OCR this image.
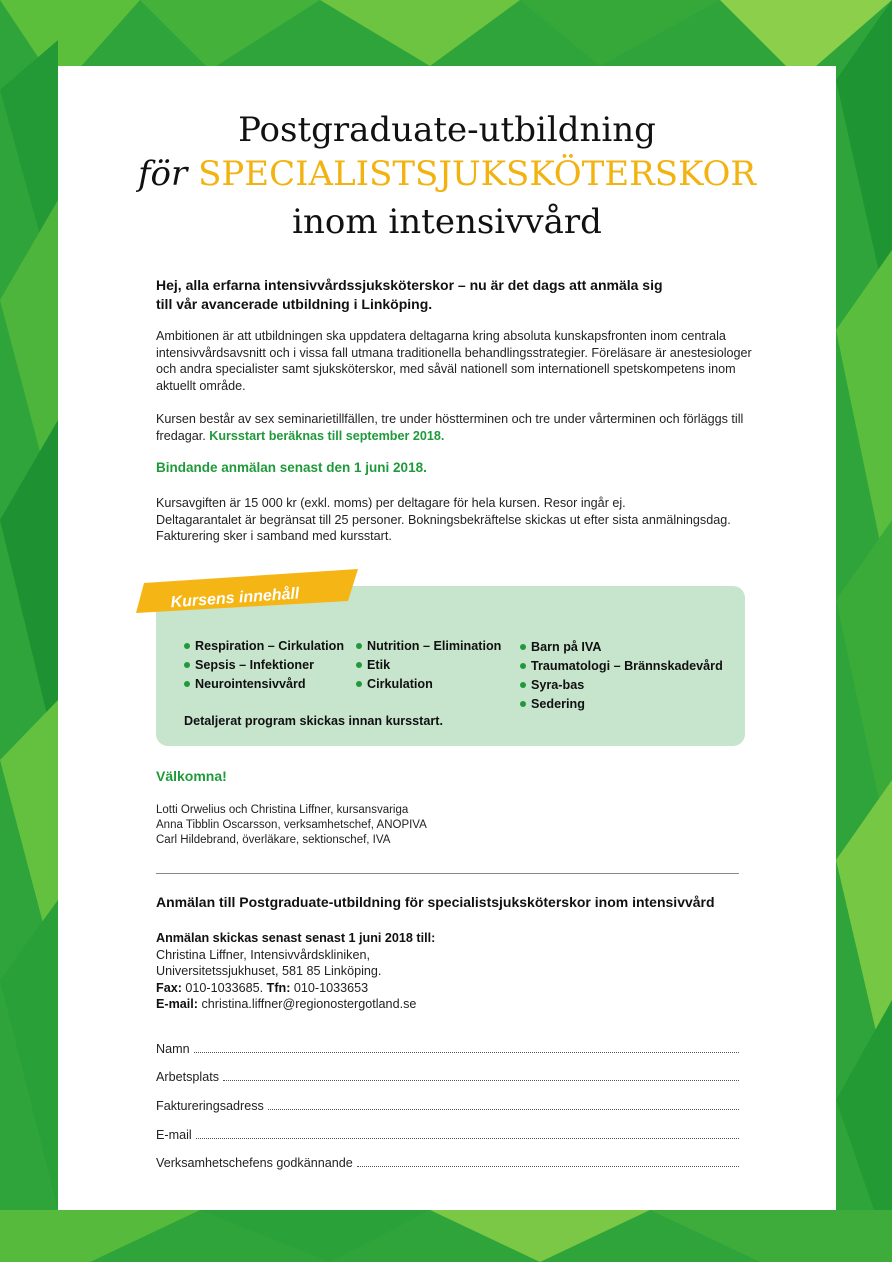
Postgraduate-utbildning
för SPECIALISTSJUKSKÖTERSKOR
inom intensivvård
Hej, alla erfarna intensivvårdssjuksköterskor – nu är det dags att anmäla sig
till vår avancerade utbildning i Linköping.
Ambitionen är att utbildningen ska uppdatera deltagarna kring absoluta kunskapsfronten inom centrala intensivvårdsavsnitt och i vissa fall utmana traditionella behandlingsstrategier. Föreläsare är anestesiologer och andra specialister samt sjuksköterskor, med såväl nationell som internationell spetskompetens inom aktuellt område.
Kursen består av sex seminarietillfällen, tre under höstterminen och tre under vårterminen och förläggs till fredagar. Kursstart beräknas till september 2018.
Bindande anmälan senast den 1 juni 2018.
Kursavgiften är 15 000 kr (exkl. moms) per deltagare för hela kursen. Resor ingår ej.
Deltagarantalet är begränsat till 25 personer. Bokningsbekräftelse skickas ut efter sista anmälningsdag.
Fakturering sker i samband med kursstart.
Kursens innehåll
Respiration – Cirkulation
Sepsis – Infektioner
Neurointensivvård
Nutrition – Elimination
Etik
Cirkulation
Barn på IVA
Traumatologi – Brännskadevård
Syra-bas
Sedering
Detaljerat program skickas innan kursstart.
Välkomna!
Lotti Orwelius och Christina Liffner, kursansvariga
Anna Tibblin Oscarsson, verksamhetschef, ANOPIVA
Carl Hildebrand, överläkare, sektionschef, IVA
Anmälan till Postgraduate-utbildning för specialistsjuksköterskor inom intensivvård
Anmälan skickas senast senast 1 juni 2018 till:
Christina Liffner, Intensivvårdskliniken,
Universitetssjukhuset, 581 85 Linköping.
Fax: 010-1033685. Tfn: 010-1033653
E-mail: christina.liffner@regionostergotland.se
Namn
Arbetsplats
Faktureringsadress
E-mail
Verksamhetschefens godkännande
